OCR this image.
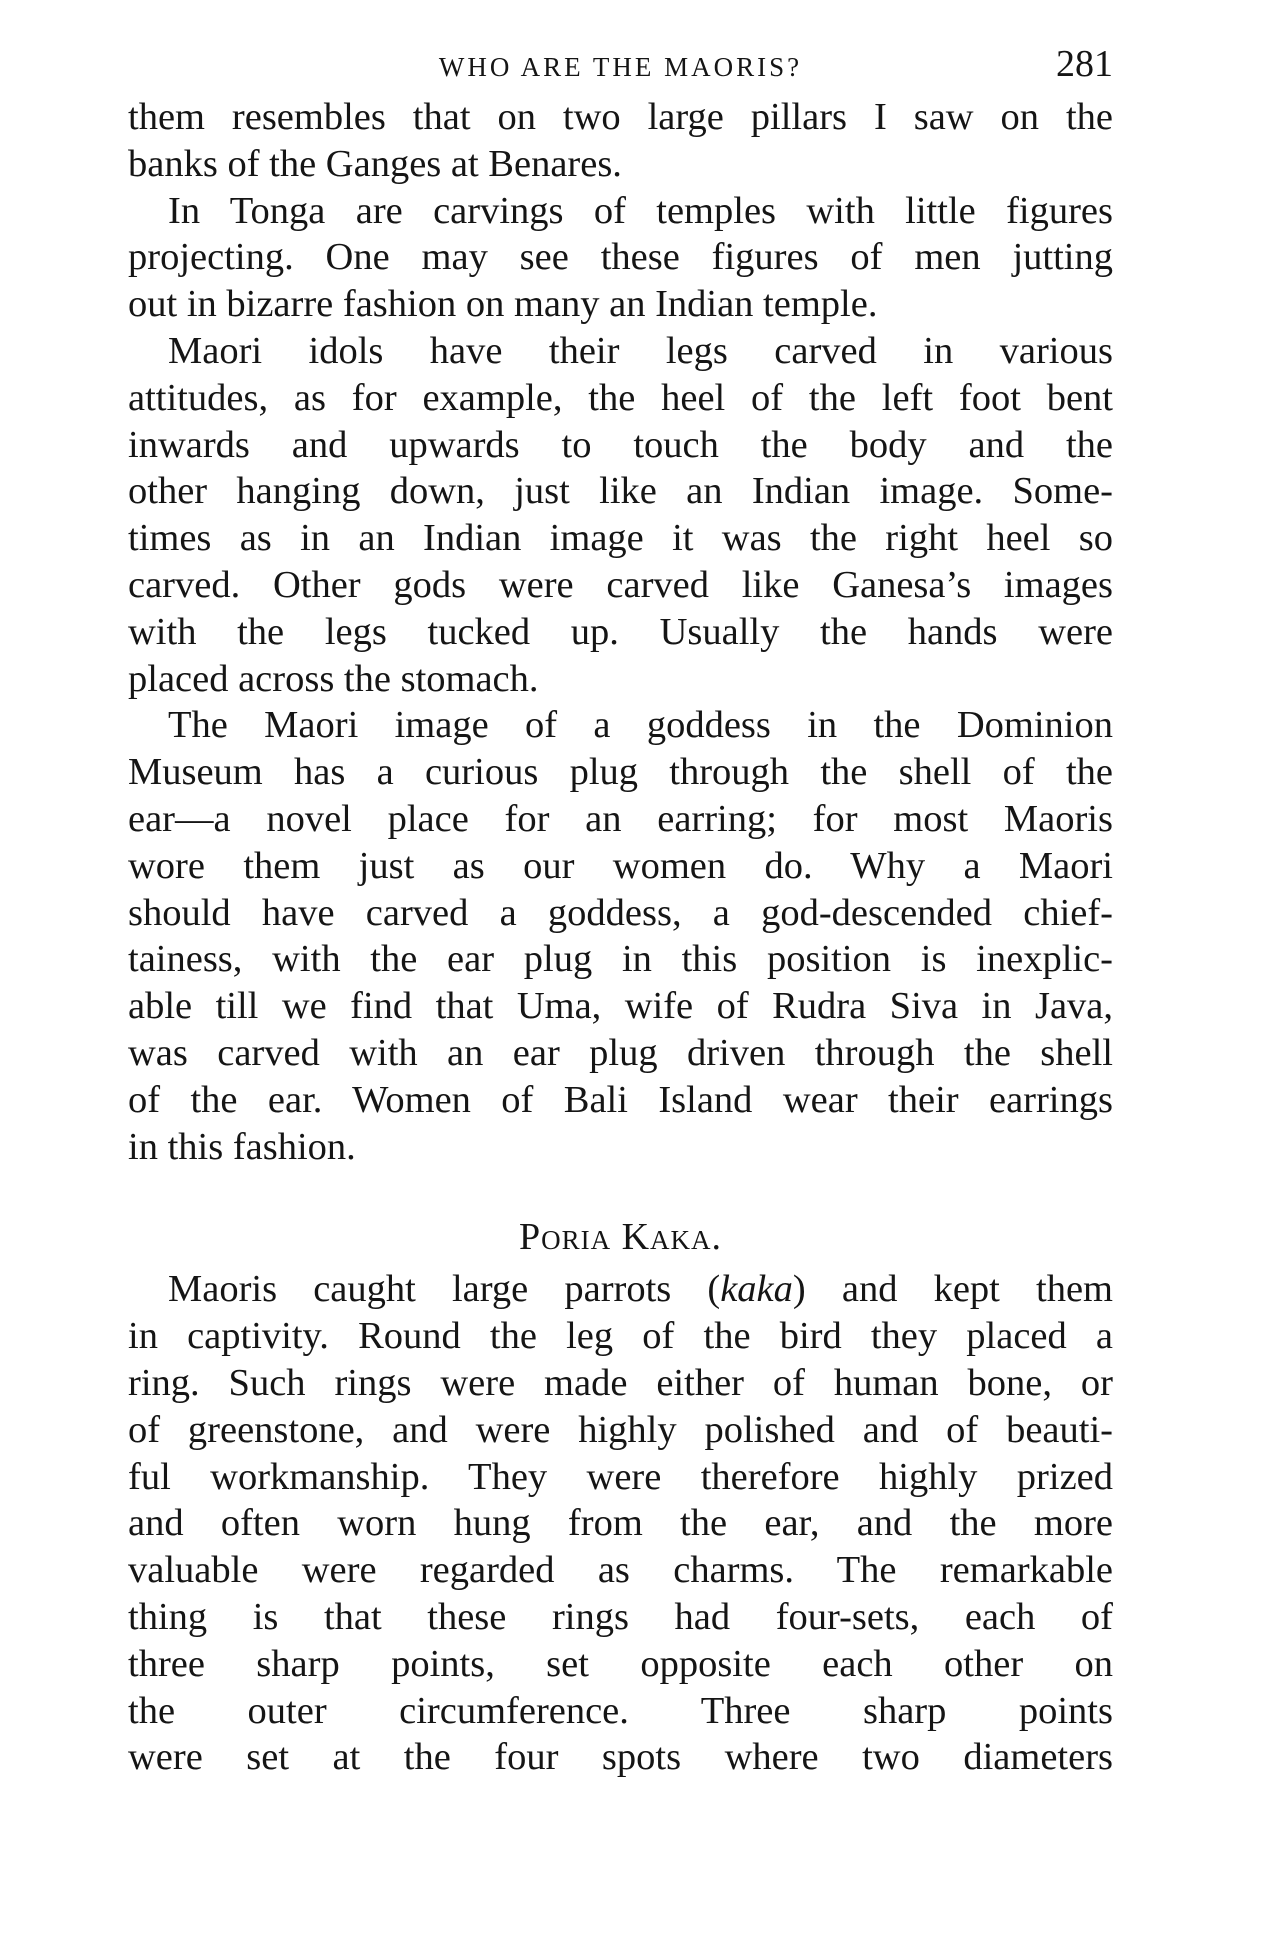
WHO ARE THE MAORIS?	281
them resembles that on two large pillars I saw on the
banks of the Ganges at Benares.
In Tonga are carvings of temples with little figures
projecting. One may see these figures of men jutting
out in bizarre fashion on many an Indian temple.
Maori idols have their legs carved in various
attitudes, as for example, the heel of the left foot bent
inwards and upwards to touch the body and the
other hanging down, just like an Indian image. Some-
times as in an Indian image it was the right heel so
carved. Other gods were carved like Ganesa’s images
with the legs tucked up. Usually the hands were
placed across the stomach.
The Maori image of a goddess in the Dominion
Museum has a curious plug through the shell of the
ear—a novel place for an earring; for most Maoris
wore them just as our women do. Why a Maori
should have carved a goddess, a god-descended chief-
tainess, with the ear plug in this position is inexplic-
able till we find that Uma, wife of Rudra Siva in Java,
was carved with an ear plug driven through the shell
of the ear. Women of Bali Island wear their earrings
in this fashion.
Poria Kaka.
Maoris caught large parrots (kaka) and kept them
in captivity. Round the leg of the bird they placed a
ring. Such rings were made either of human bone, or
of greenstone, and were highly polished and of beauti-
ful workmanship. They were therefore highly prized
and often worn hung from the ear, and the more
valuable were regarded as charms. The remarkable
thing is that these rings had four-sets, each of
three sharp points, set opposite each other on
the outer circumference. Three sharp points
were set at the four spots where two diameters
